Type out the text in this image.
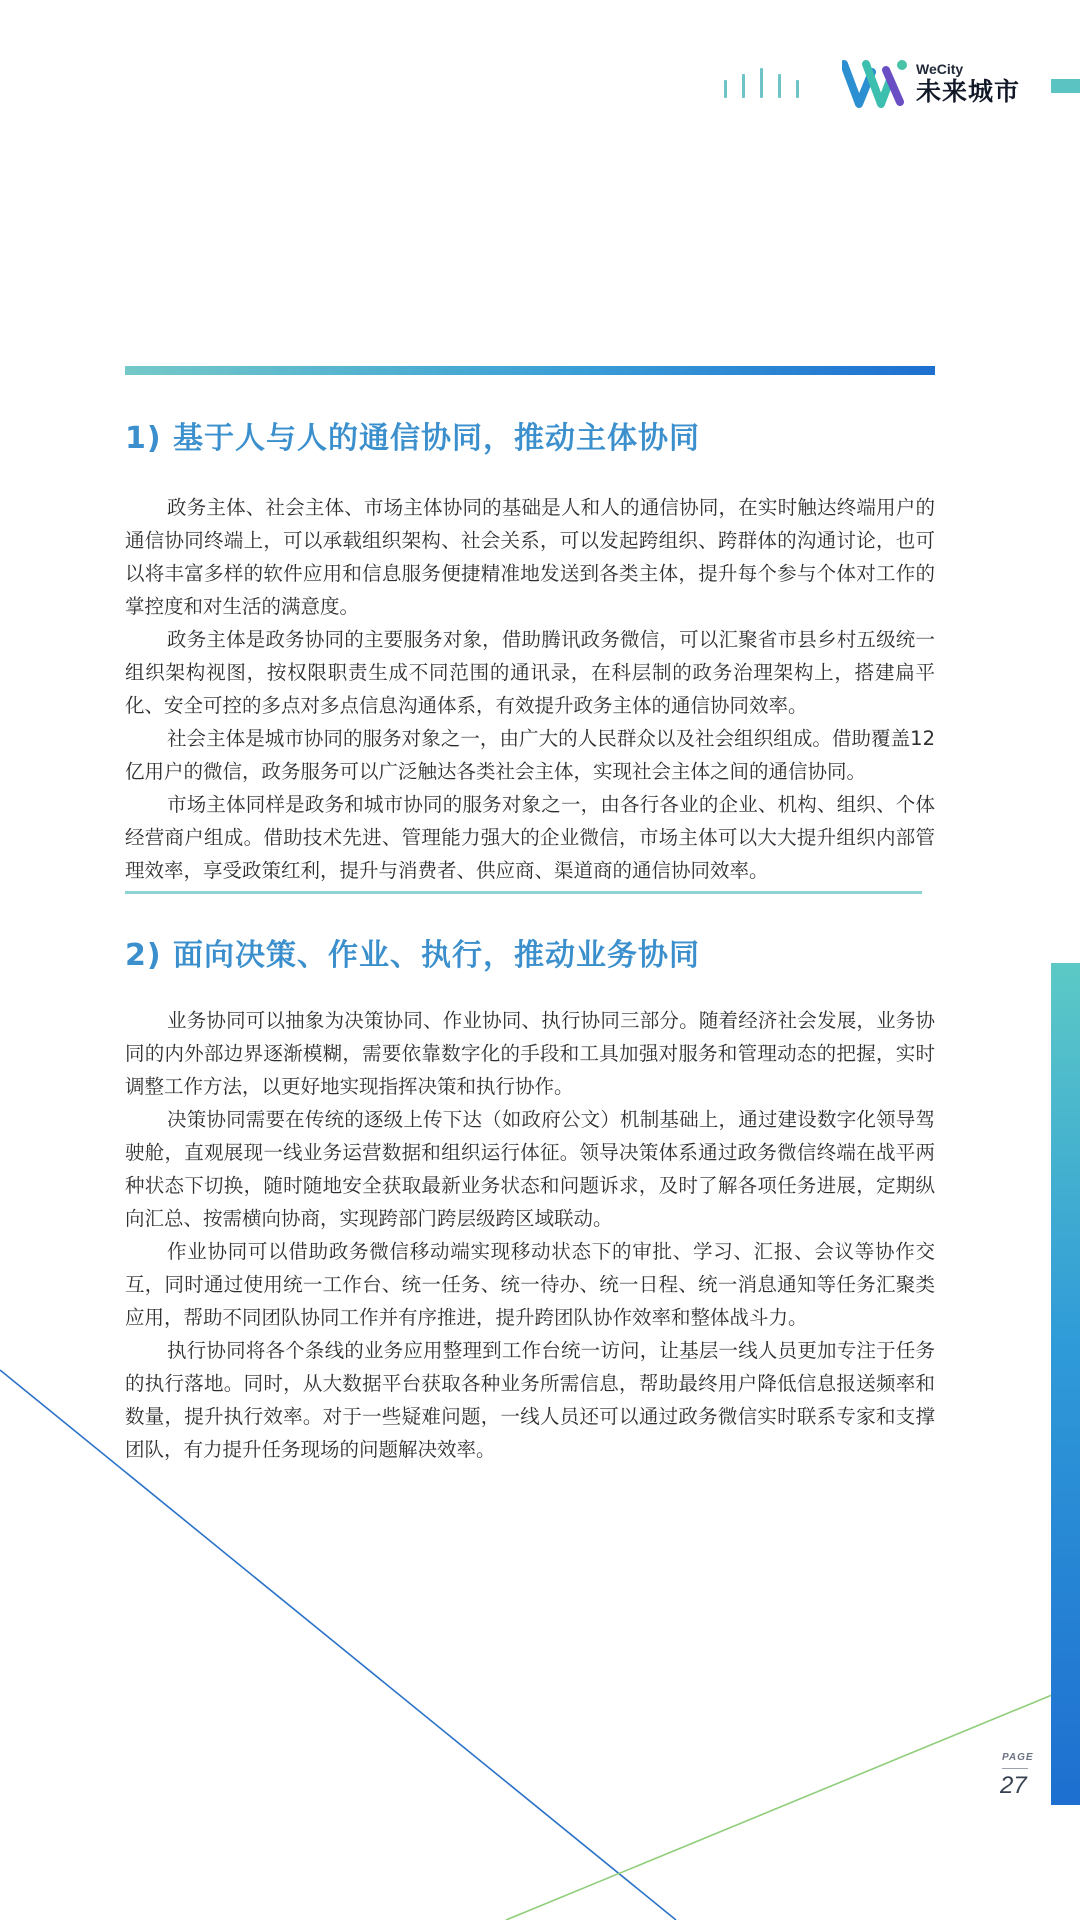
WeCity
未来城市
1) 基于人与人的通信协同，推动主体协同

政务主体、社会主体、市场主体协同的基础是人和人的通信协同，在实时触达终端用户的通信协同终端上，可以承载组织架构、社会关系，可以发起跨组织、跨群体的沟通讨论，也可以将丰富多样的软件应用和信息服务便捷精准地发送到各类主体，提升每个参与个体对工作的掌控度和对生活的满意度。

政务主体是政务协同的主要服务对象，借助腾讯政务微信，可以汇聚省市县乡村五级统一组织架构视图，按权限职责生成不同范围的通讯录，在科层制的政务治理架构上，搭建扁平化、安全可控的多点对多点信息沟通体系，有效提升政务主体的通信协同效率。

社会主体是城市协同的服务对象之一，由广大的人民群众以及社会组织组成。借助覆盖12亿用户的微信，政务服务可以广泛触达各类社会主体，实现社会主体之间的通信协同。

市场主体同样是政务和城市协同的服务对象之一，由各行各业的企业、机构、组织、个体经营商户组成。借助技术先进、管理能力强大的企业微信，市场主体可以大大提升组织内部管理效率，享受政策红利，提升与消费者、供应商、渠道商的通信协同效率。

2) 面向决策、作业、执行，推动业务协同

业务协同可以抽象为决策协同、作业协同、执行协同三部分。随着经济社会发展，业务协同的内外部边界逐渐模糊，需要依靠数字化的手段和工具加强对服务和管理动态的把握，实时调整工作方法，以更好地实现指挥决策和执行协作。

决策协同需要在传统的逐级上传下达（如政府公文）机制基础上，通过建设数字化领导驾驶舱，直观展现一线业务运营数据和组织运行体征。领导决策体系通过政务微信终端在战平两种状态下切换，随时随地安全获取最新业务状态和问题诉求，及时了解各项任务进展，定期纵向汇总、按需横向协商，实现跨部门跨层级跨区域联动。

作业协同可以借助政务微信移动端实现移动状态下的审批、学习、汇报、会议等协作交互，同时通过使用统一工作台、统一任务、统一待办、统一日程、统一消息通知等任务汇聚类应用，帮助不同团队协同工作并有序推进，提升跨团队协作效率和整体战斗力。

执行协同将各个条线的业务应用整理到工作台统一访问，让基层一线人员更加专注于任务的执行落地。同时，从大数据平台获取各种业务所需信息，帮助最终用户降低信息报送频率和数量，提升执行效率。对于一些疑难问题，一线人员还可以通过政务微信实时联系专家和支撑团队，有力提升任务现场的问题解决效率。

PAGE
27
